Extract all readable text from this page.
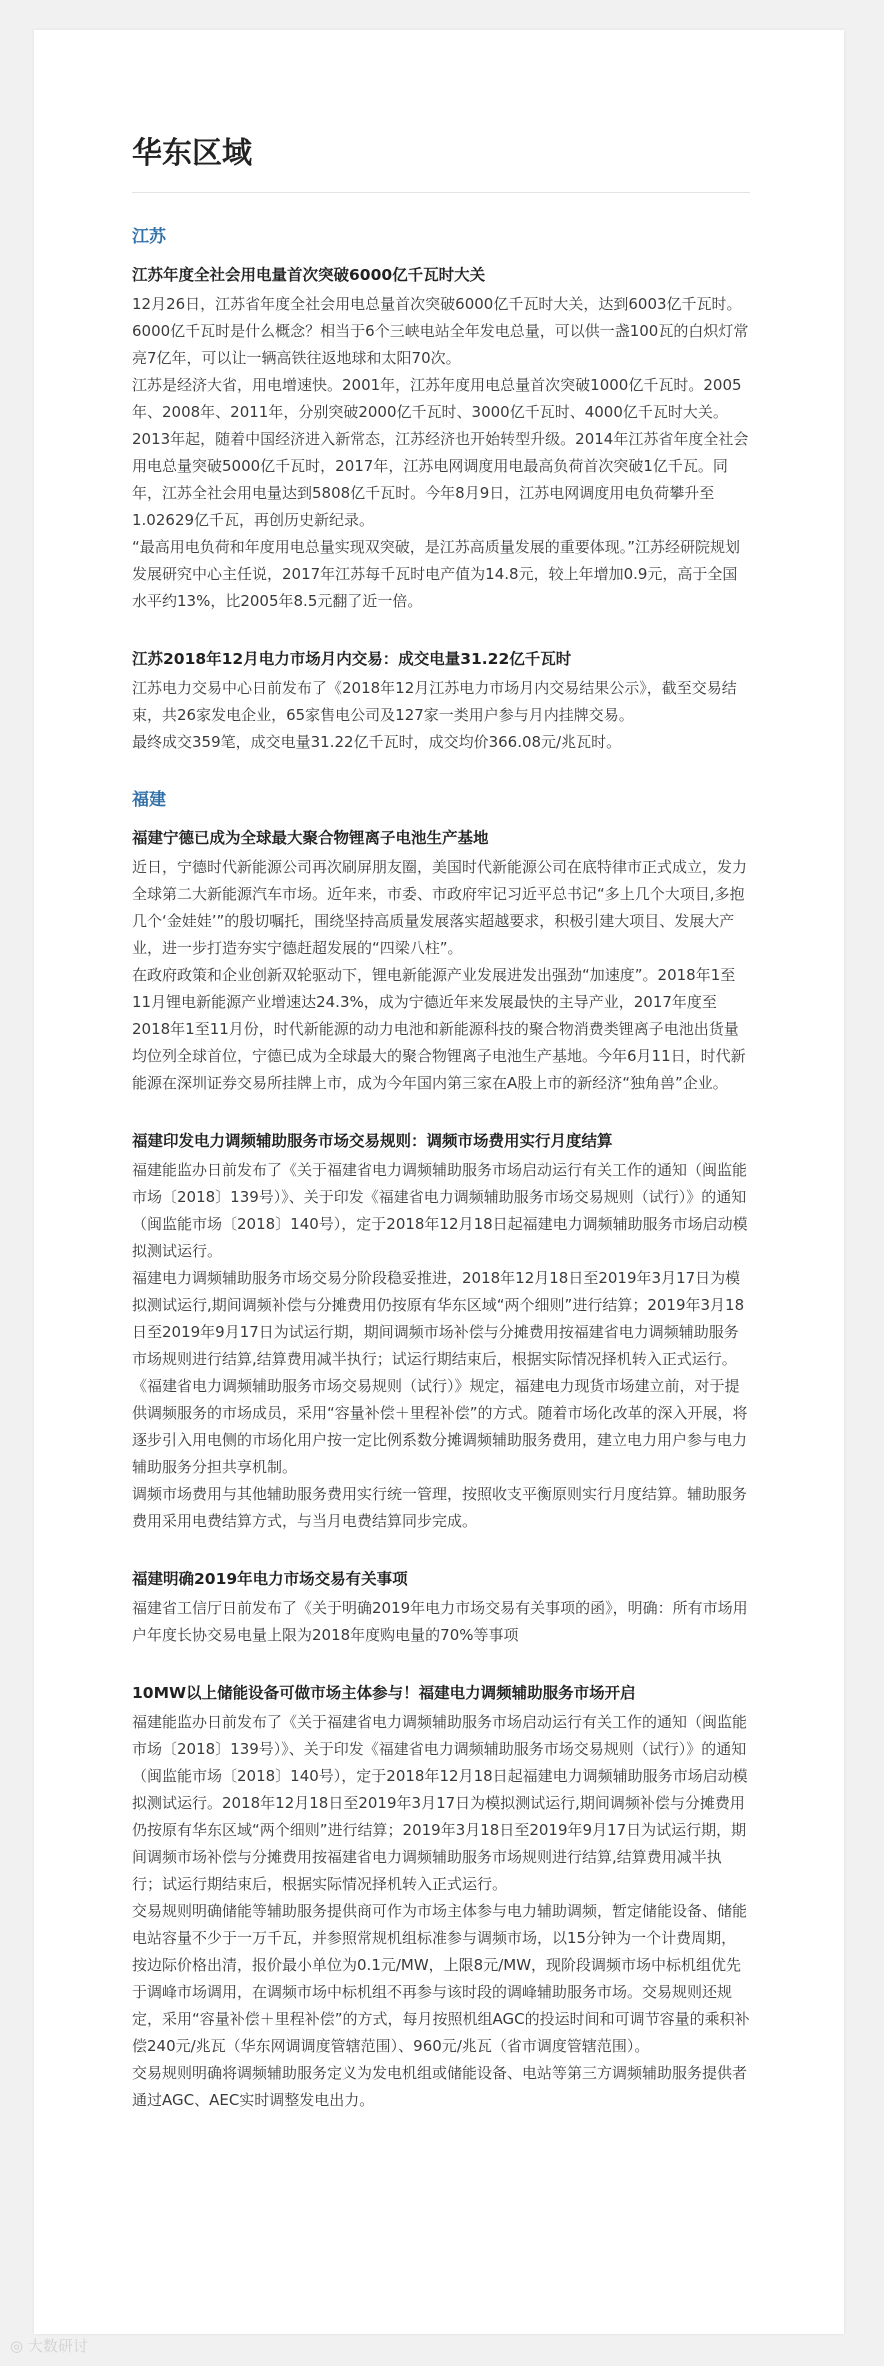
华东区域
江苏
江苏年度全社会用电量首次突破6000亿千瓦时大关

12月26日，江苏省年度全社会用电总量首次突破6000亿千瓦时大关，达到6003亿千瓦时。

6000亿千瓦时是什么概念？相当于6个三峡电站全年发电总量，可以供一盏100瓦的白炽灯常亮7亿年，可以让一辆高铁往返地球和太阳70次。

江苏是经济大省，用电增速快。2001年，江苏年度用电总量首次突破1000亿千瓦时。2005年、2008年、2011年，分别突破2000亿千瓦时、3000亿千瓦时、4000亿千瓦时大关。2013年起，随着中国经济进入新常态，江苏经济也开始转型升级。2014年江苏省年度全社会用电总量突破5000亿千瓦时，2017年，江苏电网调度用电最高负荷首次突破1亿千瓦。同年，江苏全社会用电量达到5808亿千瓦时。今年8月9日，江苏电网调度用电负荷攀升至1.02629亿千瓦，再创历史新纪录。

“最高用电负荷和年度用电总量实现双突破，是江苏高质量发展的重要体现。”江苏经研院规划发展研究中心主任说，2017年江苏每千瓦时电产值为14.8元，较上年增加0.9元，高于全国水平约13%，比2005年8.5元翻了近一倍。

江苏2018年12月电力市场月内交易：成交电量31.22亿千瓦时

江苏电力交易中心日前发布了《2018年12月江苏电力市场月内交易结果公示》，截至交易结束，共26家发电企业，65家售电公司及127家一类用户参与月内挂牌交易。

最终成交359笔，成交电量31.22亿千瓦时，成交均价366.08元/兆瓦时。

福建
福建宁德已成为全球最大聚合物锂离子电池生产基地

近日，宁德时代新能源公司再次刷屏朋友圈，美国时代新能源公司在底特律市正式成立，发力全球第二大新能源汽车市场。近年来，市委、市政府牢记习近平总书记“多上几个大项目,多抱几个‘金娃娃’”的殷切嘱托，围绕坚持高质量发展落实超越要求，积极引建大项目、发展大产业，进一步打造夯实宁德赶超发展的“四梁八柱”。

在政府政策和企业创新双轮驱动下，锂电新能源产业发展进发出强劲“加速度”。2018年1至11月锂电新能源产业增速达24.3%，成为宁德近年来发展最快的主导产业，2017年度至2018年1至11月份，时代新能源的动力电池和新能源科技的聚合物消费类锂离子电池出货量均位列全球首位，宁德已成为全球最大的聚合物锂离子电池生产基地。今年6月11日，时代新能源在深圳证券交易所挂牌上市，成为今年国内第三家在A股上市的新经济“独角兽”企业。

福建印发电力调频辅助服务市场交易规则：调频市场费用实行月度结算

福建能监办日前发布了《关于福建省电力调频辅助服务市场启动运行有关工作的通知（闽监能市场〔2018〕139号）》、关于印发《福建省电力调频辅助服务市场交易规则（试行）》的通知（闽监能市场〔2018〕140号），定于2018年12月18日起福建电力调频辅助服务市场启动模拟测试运行。

福建电力调频辅助服务市场交易分阶段稳妥推进，2018年12月18日至2019年3月17日为模拟测试运行,期间调频补偿与分摊费用仍按原有华东区域“两个细则”进行结算；2019年3月18日至2019年9月17日为试运行期，期间调频市场补偿与分摊费用按福建省电力调频辅助服务市场规则进行结算,结算费用减半执行；试运行期结束后，根据实际情况择机转入正式运行。

《福建省电力调频辅助服务市场交易规则（试行）》规定，福建电力现货市场建立前，对于提供调频服务的市场成员，采用“容量补偿＋里程补偿”的方式。随着市场化改革的深入开展，将逐步引入用电侧的市场化用户按一定比例系数分摊调频辅助服务费用，建立电力用户参与电力辅助服务分担共享机制。

调频市场费用与其他辅助服务费用实行统一管理，按照收支平衡原则实行月度结算。辅助服务费用采用电费结算方式，与当月电费结算同步完成。

福建明确2019年电力市场交易有关事项

福建省工信厅日前发布了《关于明确2019年电力市场交易有关事项的函》，明确：所有市场用户年度长协交易电量上限为2018年度购电量的70%等事项

10MW以上储能设备可做市场主体参与！福建电力调频辅助服务市场开启

福建能监办日前发布了《关于福建省电力调频辅助服务市场启动运行有关工作的通知（闽监能市场〔2018〕139号）》、关于印发《福建省电力调频辅助服务市场交易规则（试行）》的通知（闽监能市场〔2018〕140号），定于2018年12月18日起福建电力调频辅助服务市场启动模拟测试运行。2018年12月18日至2019年3月17日为模拟测试运行,期间调频补偿与分摊费用仍按原有华东区域“两个细则”进行结算；2019年3月18日至2019年9月17日为试运行期，期间调频市场补偿与分摊费用按福建省电力调频辅助服务市场规则进行结算,结算费用减半执行；试运行期结束后，根据实际情况择机转入正式运行。

交易规则明确储能等辅助服务提供商可作为市场主体参与电力辅助调频，暂定储能设备、储能电站容量不少于一万千瓦，并参照常规机组标准参与调频市场，以15分钟为一个计费周期，按边际价格出清，报价最小单位为0.1元/MW，上限8元/MW，现阶段调频市场中标机组优先于调峰市场调用，在调频市场中标机组不再参与该时段的调峰辅助服务市场。交易规则还规定，采用“容量补偿＋里程补偿”的方式，每月按照机组AGC的投运时间和可调节容量的乘积补偿240元/兆瓦（华东网调调度管辖范围）、960元/兆瓦（省市调度管辖范围）。

交易规则明确将调频辅助服务定义为发电机组或储能设备、电站等第三方调频辅助服务提供者通过AGC、AEC实时调整发电出力。

◎ 大数研讨
